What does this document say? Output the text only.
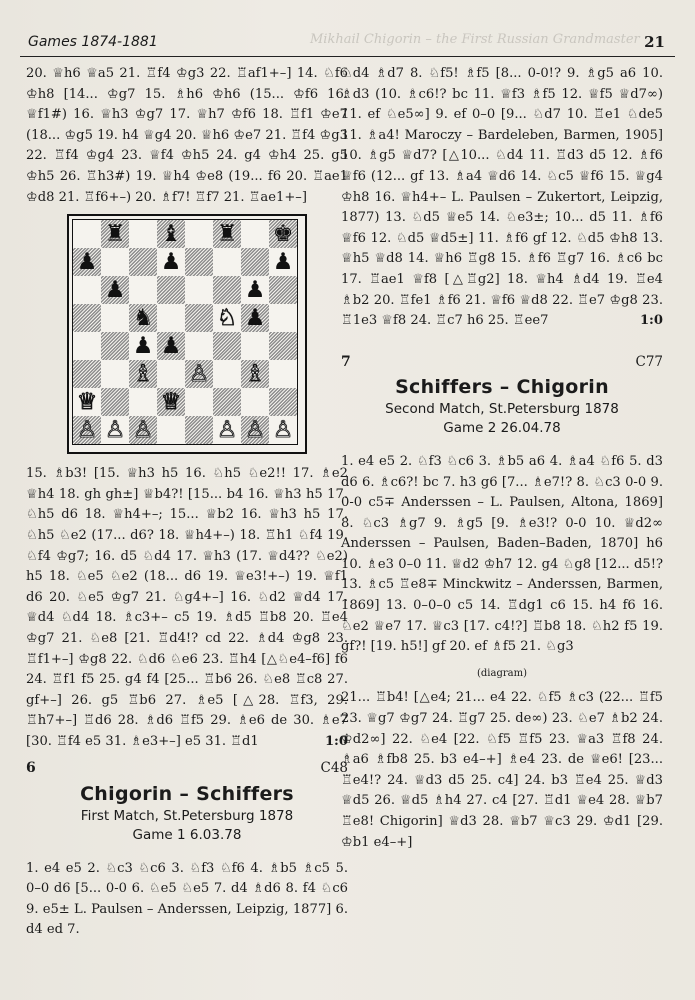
Games 1874-1881	Mikhail Chigorin – the First Russian Grandmaster 21

20. ♕h6 ♕a5 21. ♖f4 ♔g3 22. ♖af1+–] 14. ♘f6 ♔h8 [14... ♔g7 15. ♗h6 ♔h6 (15... ♔f6 16. ♕f1#) 16. ♕h3 ♔g7 17. ♕h7 ♔f6 18. ♖f1 ♔e7 (18... ♔g5 19. h4 ♕g4 20. ♕h6 ♔e7 21. ♖f4 ♔g3 22. ♖f4 ♔g4 23. ♕f4 ♔h5 24. g4 ♔h4 25. g5 ♔h5 26. ♖h3#) 19. ♕h4 ♔e8 (19... f6 20. ♖ae1 ♔d8 21. ♖f6+–) 20. ♗f7! ♖f7 21. ♖ae1+–]

♜ ♝ ♜ ♚
♟	♟	♟
♟	♟
♞	♘ ♟
♟ ♟
♗ ♙ ♗
♕	♕
♙ ♙ ♙	♙ ♙ ♙

15. ♗b3! [15. ♕h3 h5 16. ♘h5 ♘e2!! 17. ♗e2 ♕h4 18. gh gh±] ♕b4?! [15... b4 16. ♕h3 h5 17. ♘h5 d6 18. ♕h4+–; 15... ♕b2 16. ♕h3 h5 17. ♘h5 ♘e2 (17... d6? 18. ♕h4+–) 18. ♖h1 ♘f4 19. ♘f4 ♔g7; 16. d5 ♘d4 17. ♕h3 (17. ♕d4?? ♘e2) h5 18. ♘e5 ♘e2 (18... d6 19. ♕e3!+–) 19. ♕f1 d6 20. ♘e5 ♔g7 21. ♘g4+–] 16. ♘d2 ♕d4 17. ♕d4 ♘d4 18. ♗c3+– c5 19. ♗d5 ♖b8 20. ♖e4 ♔g7 21. ♘e8 [21. ♖d4!? cd 22. ♗d4 ♔g8 23. ♖f1+–] ♔g8 22. ♘d6 ♘e6 23. ♖h4 [△♘e4–f6] f6 24. ♖f1 f5 25. g4 f4 [25... ♖b6 26. ♘e8 ♖c8 27. gf+–] 26. g5 ♖b6 27. ♗e5 [△28. ♖f3, 29. ♖h7+–] ♖d6 28. ♗d6 ♖f5 29. ♗e6 de 30. ♗e7 [30. ♖f4 e5 31. ♗e3+–] e5 31. ♖d1	1:0

6	C48
Chigorin – Schiffers
First Match, St.Petersburg 1878
Game 1 6.03.78

1. e4 e5 2. ♘c3 ♘c6 3. ♘f3 ♘f6 4. ♗b5 ♗c5 5. 0–0 d6 [5... 0-0 6. ♘e5 ♘e5 7. d4 ♗d6 8. f4 ♘c6 9. e5± L. Paulsen – Anderssen, Leipzig, 1877] 6. d4 ed 7.

♘d4 ♗d7 8. ♘f5! ♗f5 [8... 0-0!? 9. ♗g5 a6 10. ♗d3 (10. ♗c6!? bc 11. ♕f3 ♗f5 12. ♕f5 ♕d7∞) 11. ef ♘e5∞] 9. ef 0–0 [9... ♘d7 10. ♖e1 ♘de5 11. ♗a4! Maroczy – Bardeleben, Barmen, 1905] 10. ♗g5 ♕d7? [△10... ♘d4 11. ♖d3 d5 12. ♗f6 ♕f6 (12... gf 13. ♗a4 ♕d6 14. ♘c5 ♕f6 15. ♕g4 ♔h8 16. ♕h4+– L. Paulsen – Zukertort, Leipzig, 1877) 13. ♘d5 ♕e5 14. ♘e3±; 10... d5 11. ♗f6 ♕f6 12. ♘d5 ♕d5±] 11. ♗f6 gf 12. ♘d5 ♔h8 13. ♕h5 ♕d8 14. ♕h6 ♖g8 15. ♗f6 ♖g7 16. ♗c6 bc 17. ♖ae1 ♕f8 [△♖g2] 18. ♕h4 ♗d4 19. ♖e4 ♗b2 20. ♖fe1 ♗f6 21. ♕f6 ♕d8 22. ♖e7 ♔g8 23. ♖1e3 ♕f8 24. ♖c7 h6 25. ♖ee7	1:0

7	C77
Schiffers – Chigorin
Second Match, St.Petersburg 1878
Game 2 26.04.78

1. e4 e5 2. ♘f3 ♘c6 3. ♗b5 a6 4. ♗a4 ♘f6 5. d3 d6 6. ♗c6?! bc 7. h3 g6 [7... ♗e7!? 8. ♘c3 0-0 9. 0-0 c5∓ Anderssen – L. Paulsen, Altona, 1869] 8. ♘c3 ♗g7 9. ♗g5 [9. ♗e3!? 0-0 10. ♕d2∞ Anderssen – Paulsen, Baden–Baden, 1870] h6 10. ♗e3 0–0 11. ♕d2 ♔h7 12. g4 ♘g8 [12... d5!? 13. ♗c5 ♖e8∓ Minckwitz – Anderssen, Barmen, 1869] 13. 0–0–0 c5 14. ♖dg1 c6 15. h4 f6 16. ♘e2 ♕e7 17. ♕c3 [17. c4!?] ♖b8 18. ♘h2 f5 19. gf?! [19. h5!] gf 20. ef ♗f5 21. ♘g3

(diagram)

21... ♖b4! [△e4; 21... e4 22. ♘f5 ♗c3 (22... ♖f5 23. ♕g7 ♔g7 24. ♖g7 25. de∞) 23. ♘e7 ♗b2 24. ♔d2∞] 22. ♘e4 [22. ♘f5 ♖f5 23. ♕a3 ♖f8 24. ♗a6 ♗fb8 25. b3 e4–+] ♗e4 23. de ♕e6! [23... ♖e4!? 24. ♕d3 d5 25. c4] 24. b3 ♖e4 25. ♕d3 ♕d5 26. ♕d5 ♗h4 27. c4 [27. ♖d1 ♕e4 28. ♕b7 ♖e8! Chigorin] ♕d3 28. ♕b7 ♕c3 29. ♔d1 [29. ♔b1 e4–+]
